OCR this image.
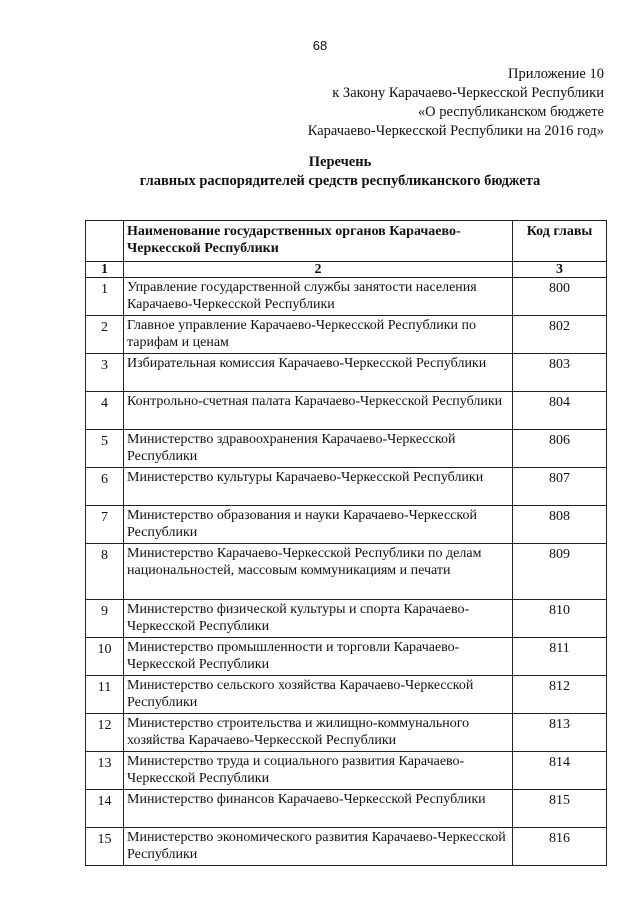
68
Приложение 10
к Закону Карачаево-Черкесской Республики
«О республиканском бюджете
Карачаево-Черкесской Республики на 2016 год»
Перечень
главных распорядителей средств республиканского бюджета
	Наименование государственных органов Карачаево-Черкесской Республики	Код главы
1	2	3
1	Управление государственной службы занятости населения Карачаево-Черкесской Республики	800
2	Главное управление Карачаево-Черкесской Республики по тарифам и ценам	802
3	Избирательная комиссия Карачаево-Черкесской Республики	803
4	Контрольно-счетная палата Карачаево-Черкесской Республики	804
5	Министерство здравоохранения Карачаево-Черкесской Республики	806
6	Министерство культуры Карачаево-Черкесской Республики	807
7	Министерство образования и науки Карачаево-Черкесской Республики	808
8	Министерство Карачаево-Черкесской Республики по делам национальностей, массовым коммуникациям и печати	809
9	Министерство физической культуры и спорта Карачаево-Черкесской Республики	810
10	Министерство промышленности и торговли Карачаево-Черкесской Республики	811
11	Министерство сельского хозяйства Карачаево-Черкесской Республики	812
12	Министерство строительства и жилищно-коммунального хозяйства Карачаево-Черкесской Республики	813
13	Министерство труда и социального развития Карачаево-Черкесской Республики	814
14	Министерство финансов Карачаево-Черкесской Республики	815
15	Министерство экономического развития Карачаево-Черкесской Республики	816
